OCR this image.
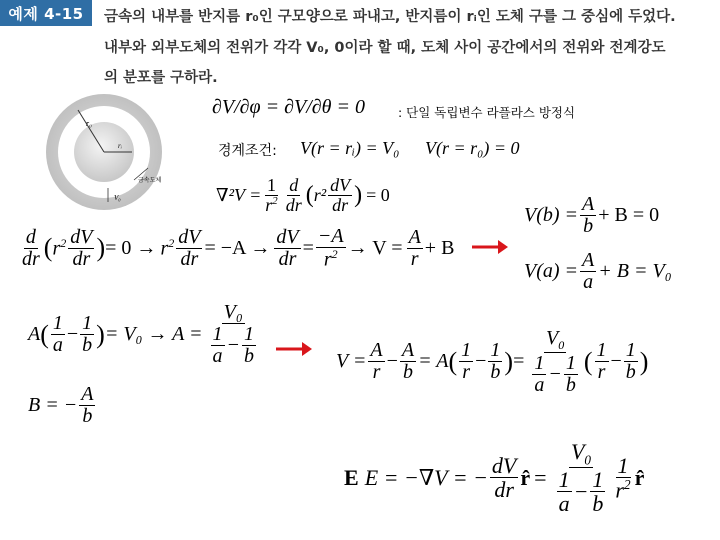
예제 4-15	금속의 내부를 반지름 r₀인 구모양으로 파내고, 반지름이 rᵢ인 도체 구를 그 중심에 두었다.
내부와 외부도체의 전위가 각각 V₀, 0이라 할 때, 도체 사이 공간에서의 전위와 전계강도
의 분포를 구하라.
r₀
rᵢ
금속도체
V₀
∂V/∂φ = ∂V/∂θ = 0	: 단일 독립변수 라플라스 방정식
경계조건: V(r = rᵢ) = V₀ V(r = r₀) = 0
$\nabla^2V = \frac{1}{r^2} \frac{d}{dr}$ ( $r^2 \frac{dV}{dr}$ ) = 0
$\frac{d}{dr}$ ( $r^2 \frac{dV}{dr}$ ) = $0 \to r^2 \frac{dV}{dr} = -A \to \frac{dV}{dr} = \frac{-A}{r^2} \to V = \frac{A}{r} + B$
$V(b) = \frac{A}{b} + B = 0$
$V(a) = \frac{A}{a} + B = V_0$
A ( $\frac{1}{a} - \frac{1}{b}$ ) = $V_0 \to A = \frac{\text{V₀}}{\frac{1}{a} - \frac{1}{b}}$
B = − $\frac{A}{b}$
$V = \frac{A}{r} - \frac{A}{b} = A$ ( $\frac{1}{r} - \frac{1}{b}$ ) = $\frac{V_0}{\frac{1}{a} - \frac{1}{b}}$ ( $\frac{1}{r} - \frac{1}{b}$ )
E E = −∇V = − $\frac{dV}{dr}$ r̂ = $\frac{V_0}{\frac{1}{a} - \frac{1}{b}} \frac{1}{r^2}$ r̂
